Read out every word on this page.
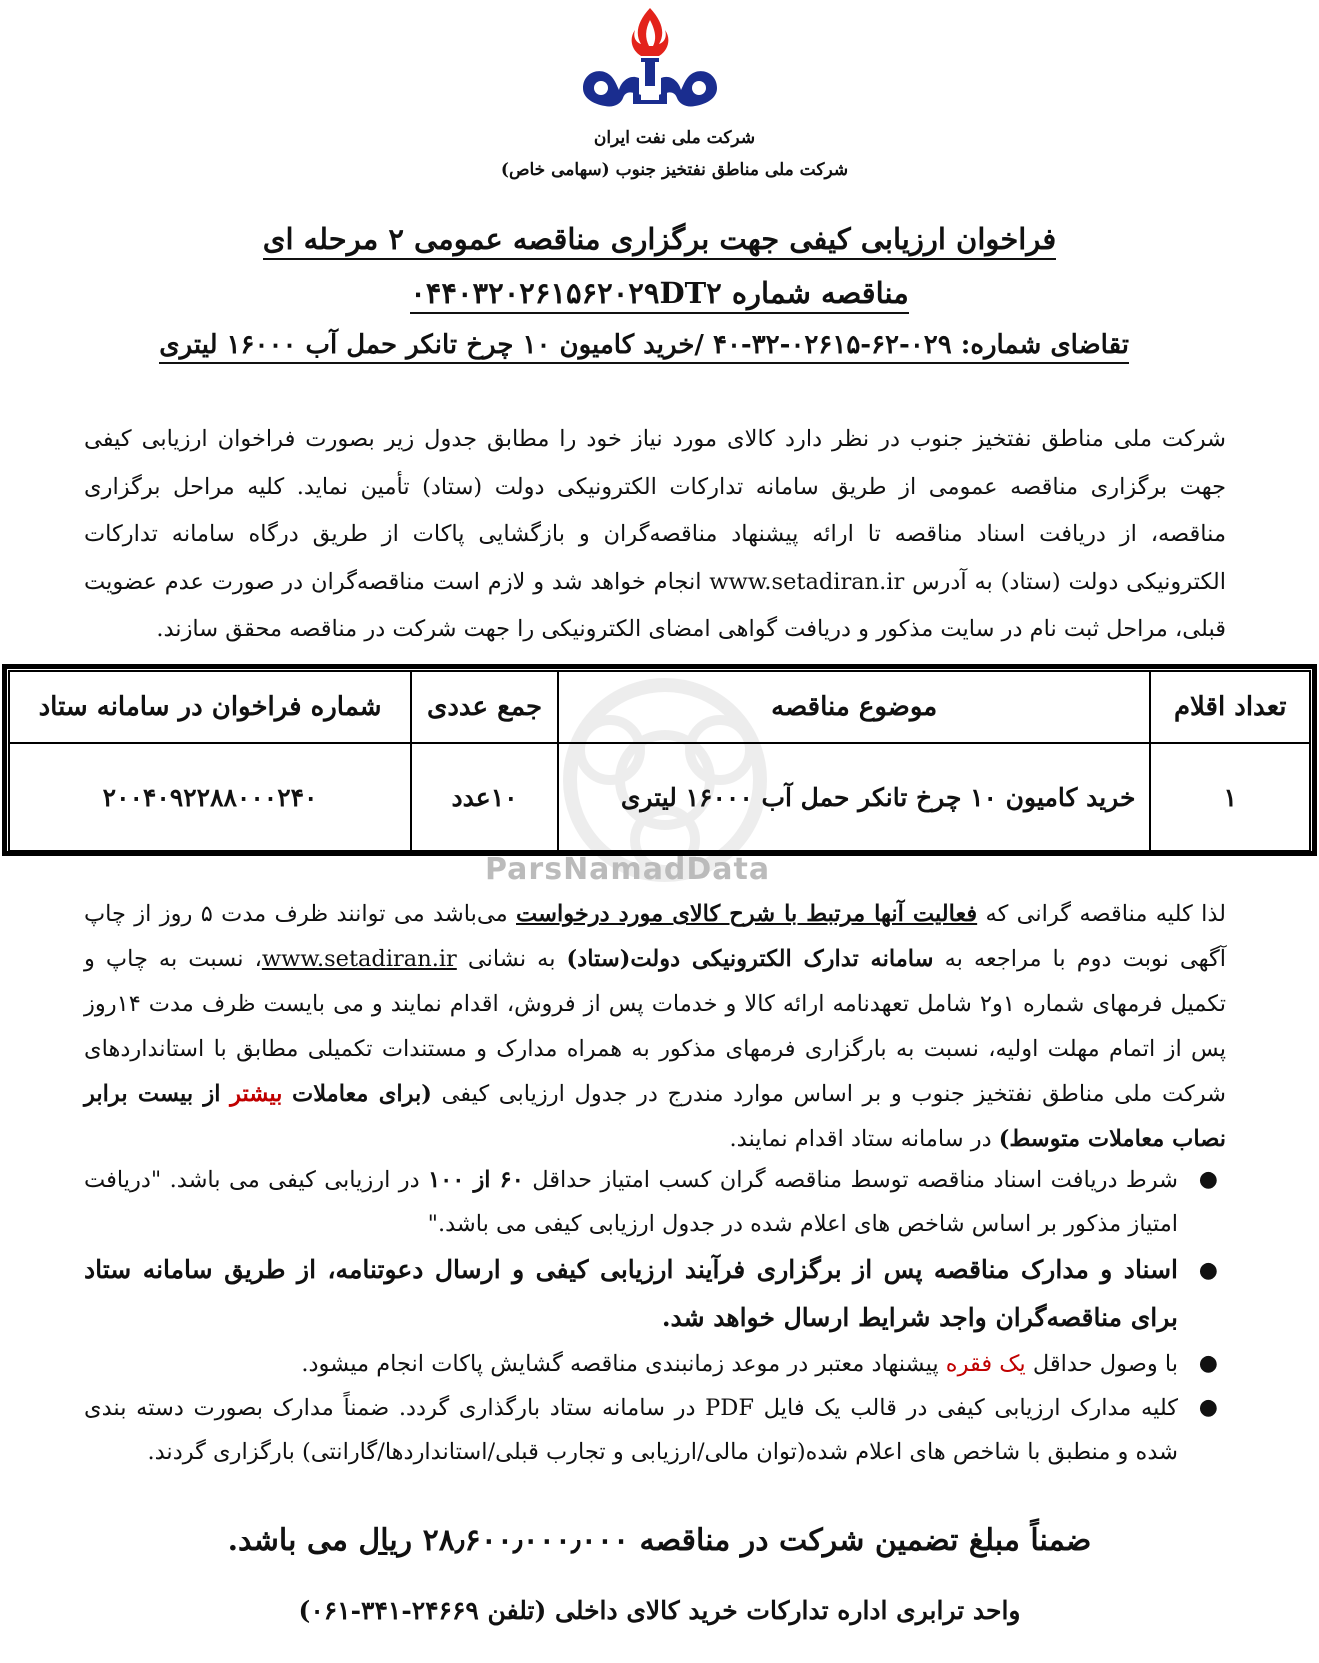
شرکت ملی نفت ایران
شرکت ملی مناطق نفتخیز جنوب (سهامی خاص)
فراخوان ارزیابی کیفی جهت برگزاری مناقصه عمومی ۲ مرحله ای
مناقصه شماره ۰۴۴۰۳۲۰۲۶۱۵۶۲۰۲۹DT۲
تقاضای شماره: ۰۲۹-۶۲-۰۲۶۱۵-۳۲-۴۰ /خرید کامیون ۱۰ چرخ تانکر حمل آب ۱۶۰۰۰ لیتری
شرکت ملی مناطق نفتخیز جنوب در نظر دارد کالای مورد نیاز خود را مطابق جدول زیر بصورت فراخوان ارزیابی کیفی جهت برگزاری مناقصه عمومی از طریق سامانه تدارکات الکترونیکی دولت (ستاد) تأمین نماید. کلیه مراحل برگزاری مناقصه، از دریافت اسناد مناقصه تا ارائه پیشنهاد مناقصه‌گران و بازگشایی پاکات از طریق درگاه سامانه تدارکات الکترونیکی دولت (ستاد) به آدرس www.setadiran.ir انجام خواهد شد و لازم است مناقصه‌گران در صورت عدم عضویت قبلی، مراحل ثبت نام در سایت مذکور و دریافت گواهی امضای الکترونیکی را جهت شرکت در مناقصه محقق سازند.
ParsNamadData
تعداد اقلام	موضوع مناقصه	جمع عددی	شماره فراخوان در سامانه ستاد
۱	خرید کامیون ۱۰ چرخ تانکر حمل آب ۱۶۰۰۰ لیتری	۱۰عدد	۲۰۰۴۰۹۲۲۸۸۰۰۰۲۴۰
لذا کلیه مناقصه گرانی که فعالیت آنها مرتبط با شرح کالای مورد درخواست می‌باشد می توانند ظرف مدت ۵ روز از چاپ آگهی نوبت دوم با مراجعه به سامانه تدارک الکترونیکی دولت(ستاد) به نشانی www.setadiran.ir، نسبت به چاپ و تکمیل فرمهای شماره ۱و۲ شامل تعهدنامه ارائه کالا و خدمات پس از فروش، اقدام نمایند و می بایست ظرف مدت ۱۴روز پس از اتمام مهلت اولیه، نسبت به بارگزاری فرمهای مذکور به همراه مدارک و مستندات تکمیلی مطابق با استانداردهای شرکت ملی مناطق نفتخیز جنوب و بر اساس موارد مندرج در جدول ارزیابی کیفی (برای معاملات بیشتر از بیست برابر نصاب معاملات متوسط) در سامانه ستاد اقدام نمایند.
●
شرط دریافت اسناد مناقصه توسط مناقصه گران کسب امتیاز حداقل ۶۰ از ۱۰۰ در ارزیابی کیفی می باشد. "دریافت امتیاز مذکور بر اساس شاخص های اعلام شده در جدول ارزیابی کیفی می باشد."
●
اسناد و مدارک مناقصه پس از برگزاری فرآیند ارزیابی کیفی و ارسال دعوتنامه، از طریق سامانه ستاد برای مناقصه‌گران واجد شرایط ارسال خواهد شد.
●
با وصول حداقل یک فقره پیشنهاد معتبر در موعد زمانبندی مناقصه گشایش پاکات انجام میشود.
●
کلیه مدارک ارزیابی کیفی در قالب یک فایل PDF در سامانه ستاد بارگذاری گردد. ضمناً مدارک بصورت دسته بندی شده و منطبق با شاخص های اعلام شده(توان مالی/ارزیابی و تجارب قبلی/استانداردها/گارانتی) بارگزاری گردند.
ضمناً مبلغ تضمین شرکت در مناقصه ۲۸٫۶۰۰٫۰۰۰٫۰۰۰ ریال می باشد.
واحد ترابری اداره تدارکات خرید کالای داخلی (تلفن ۲۴۶۶۹-۳۴۱-۰۶۱)
